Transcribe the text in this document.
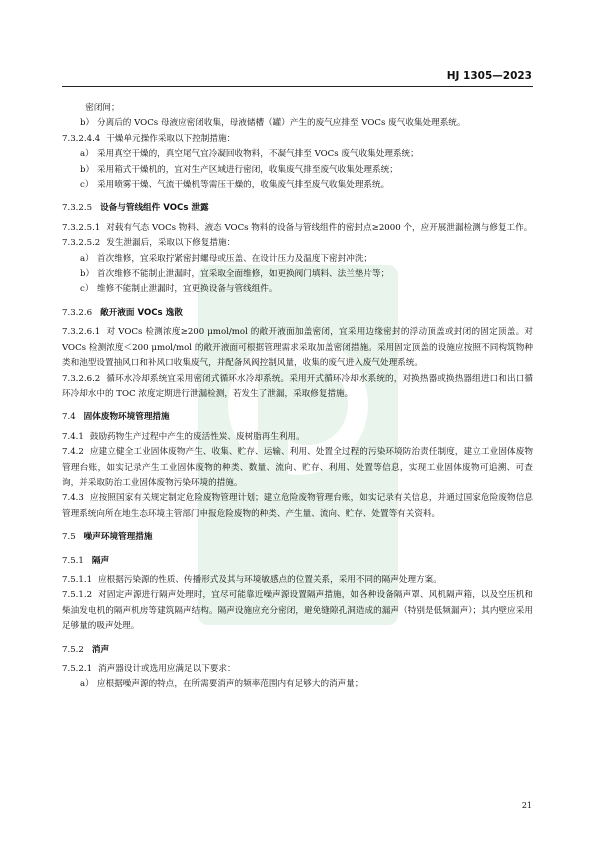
HJ 1305—2023

密闭间；

b） 分离后的 VOCs 母液应密闭收集，母液储槽（罐）产生的废气应排至 VOCs 废气收集处理系统。

7.3.2.4.4 干燥单元操作采取以下控制措施：

a） 采用真空干燥的，真空尾气宜冷凝回收物料，不凝气排至 VOCs 废气收集处理系统；
b） 采用箱式干燥机的，宜对生产区域进行密闭，收集废气排至废气收集处理系统；
c） 采用喷雾干燥、气流干燥机等需压干燥的，收集废气排至废气收集处理系统。
7.3.2.5 设备与管线组件 VOCs 泄露

7.3.2.5.1 对载有气态 VOCs 物料、液态 VOCs 物料的设备与管线组件的密封点≥2000 个，应开展泄漏检测与修复工作。

7.3.2.5.2 发生泄漏后，采取以下修复措施：

a） 首次维修，宜采取拧紧密封螺母或压盖、在设计压力及温度下密封冲洗；
b） 首次维修不能制止泄漏时，宜采取全面维修，如更换阀门填料、法兰垫片等；
c） 维修不能制止泄漏时，宜更换设备与管线组件。
7.3.2.6 敞开液面 VOCs 逸散

7.3.2.6.1 对 VOCs 检测浓度≥200 μmol/mol 的敞开液面加盖密闭，宜采用边缘密封的浮动顶盖或封闭的固定顶盖。对 VOCs 检测浓度＜200 μmol/mol 的敞开液面可根据管理需求采取加盖密闭措施。采用固定顶盖的设施应按照不同构筑物种类和池型设置抽风口和补风口收集废气，并配备风阀控制风量，收集的废气进入废气处理系统。

7.3.2.6.2 循环水冷却系统宜采用密闭式循环水冷却系统。采用开式循环冷却水系统的，对换热器或换热器组进口和出口循环冷却水中的 TOC 浓度定期进行泄漏检测，若发生了泄漏，采取修复措施。

7.4 固体废物环境管理措施

7.4.1 鼓励药物生产过程中产生的废活性炭、废树脂再生利用。

7.4.2 应建立健全工业固体废物产生、收集、贮存、运输、利用、处置全过程的污染环境防治责任制度，建立工业固体废物管理台账，如实记录产生工业固体废物的种类、数量、流向、贮存、利用、处置等信息，实现工业固体废物可追溯、可查询，并采取防治工业固体废物污染环境的措施。

7.4.3 应按照国家有关规定制定危险废物管理计划；建立危险废物管理台账，如实记录有关信息，并通过国家危险废物信息管理系统向所在地生态环境主管部门申报危险废物的种类、产生量、流向、贮存、处置等有关资料。

7.5 噪声环境管理措施
7.5.1 隔声

7.5.1.1 应根据污染源的性质、传播形式及其与环境敏感点的位置关系，采用不同的隔声处理方案。

7.5.1.2 对固定声源进行隔声处理时，宜尽可能靠近噪声源设置隔声措施，如各种设备隔声罩、风机隔声箱，以及空压机和柴油发电机的隔声机房等建筑隔声结构。隔声设施应充分密闭，避免缝隙孔洞造成的漏声（特别是低频漏声）；其内壁应采用足够量的吸声处理。

7.5.2 消声

7.5.2.1 消声器设计或选用应满足以下要求：

a） 应根据噪声源的特点，在所需要消声的频率范围内有足够大的消声量；
21
